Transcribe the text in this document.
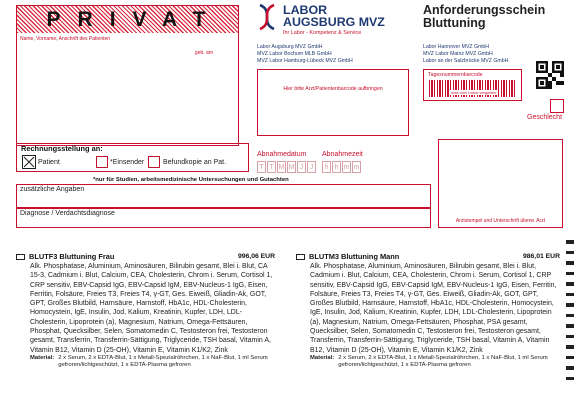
PRIVAT
Name, Vorname, Anschrift des Patienten
geb. am
LABOR
AUGSBURG MVZ
Ihr Labor - Kompetenz & Service
Anforderungsschein
Bluttuning
Labor Augsburg MVZ GmbH
MVZ Labor Bochum MLB GmbH
MVZ Labor Hamburg-Lübeck MVZ GmbH
Labor Hannover MVZ GmbH
MVZ Labor Mainz MVZ GmbH
Labor an der Salzbrücke MVZ GmbH
Hier bitte Arzt/Patientenbarcode aufbringen
Tagesnummernbarcode
wird vom Labor vergeben
Geschlecht
Rechnungsstellung an:
Patient	*Einsender	Befundkopie an Pat.
Abnahmedatum Abnahmezeit
T T M M J J	h h m m
*nur für Studien, arbeitsmedizinische Untersuchungen und Gutachten
zusätzliche Angaben
Diagnose / Verdachtsdiagnose
Arztstempel und Unterschrift überw. Arzt
BLUTF3 Bluttuning Frau	996,06 EUR
Alk. Phosphatase, Aluminium, Aminosäuren, Bilirubin gesamt, Blei i. Blut, CA 15-3, Cadmium i. Blut, Calcium, CEA, Cholesterin, Chrom i. Serum, Cortisol 1, CRP sensitiv, EBV-Capsid IgG, EBV-Capsid IgM, EBV-Nucleus-1 IgG, Eisen, Ferritin, Folsäure, Freies T3, Freies T4, γ-GT, Ges. Eiweiß, Gliadin-Ak, GOT, GPT, Großes Blutbild, Harnsäure, Harnstoff, HbA1c, HDL-Cholesterin, Homocystein, IgE, Insulin, Jod, Kalium, Kreatinin, Kupfer, LDH, LDL-Cholesterin, Lipoprotein (a), Magnesium, Natrium, Omega-Fettsäuren, Phosphat, Quecksilber, Selen, Somatomedin C, Testosteron frei, Testosteron gesamt, Transferrin, Transferrin-Sättigung, Triglyceride, TSH basal, Vitamin A, Vitamin B12, Vitamin D (25-OH), Vitamin E, Vitamin K1/K2, Zink
Material: 2 x Serum, 2 x EDTA-Blut, 1 x Metall-Spezialröhrchen, 1 x NaF-Blut, 1 ml Serum gefroren/lichtgeschützt, 1 x EDTA-Plasma gefroren
BLUTM3 Bluttuning Mann	986,01 EUR
Alk. Phosphatase, Aluminium, Aminosäuren, Bilirubin gesamt, Blei i. Blut, Cadmium i. Blut, Calcium, CEA, Cholesterin, Chrom i. Serum, Cortisol 1, CRP sensitiv, EBV-Capsid IgG, EBV-Capsid IgM, EBV-Nucleus-1 IgG, Eisen, Ferritin, Folsäure, Freies T3, Freies T4, γ-GT, Ges. Eiweiß, Gliadin-Ak, GOT, GPT, Großes Blutbild, Harnsäure, Harnstoff, HbA1c, HDL-Cholesterin, Homocystein, IgE, Insulin, Jod, Kalium, Kreatinin, Kupfer, LDH, LDL-Cholesterin, Lipoprotein (a), Magnesium, Natrium, Omega-Fettsäuren, Phosphat, PSA gesamt, Quecksilber, Selen, Somatomedin C, Testosteron frei, Testosteron gesamt, Transferrin, Transferrin-Sättigung, Triglyceride, TSH basal, Vitamin A, Vitamin B12, Vitamin D (25-OH), Vitamin E, Vitamin K1/K2, Zink
Material: 2 x Serum, 2 x EDTA-Blut, 1 x Metall-Spezialröhrchen, 1 x NaF-Blut, 1 ml Serum gefroren/lichtgeschützt, 1 x EDTA-Plasma gefroren
